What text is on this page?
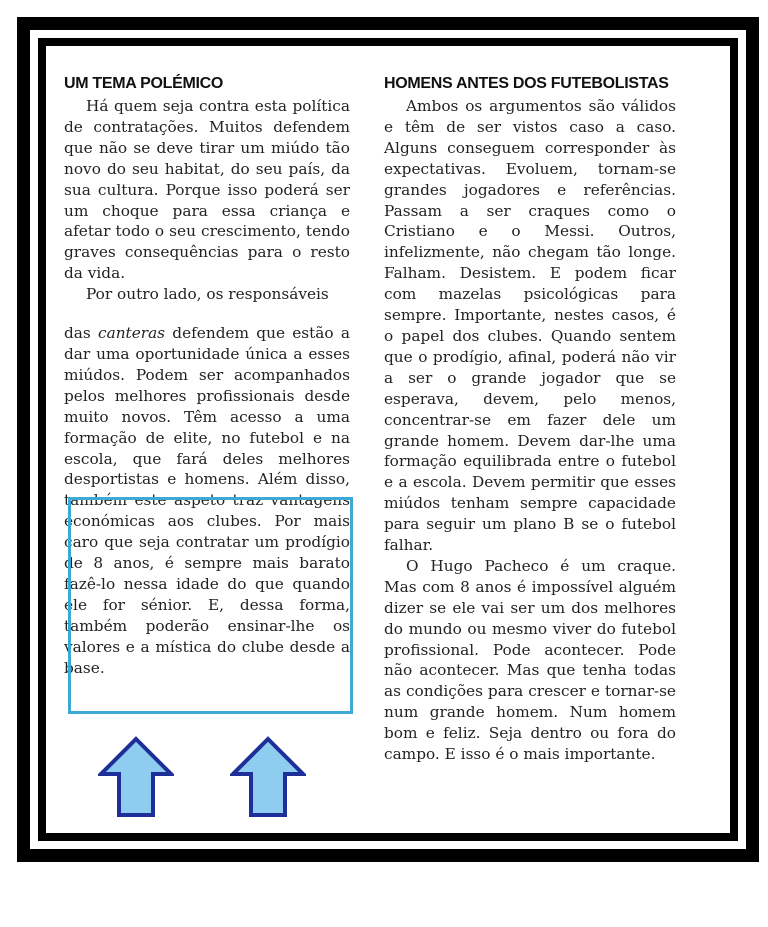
UM TEMA POLÉMICO

Há quem seja contra esta política de contratações. Muitos defendem que não se deve tirar um miúdo tão novo do seu habitat, do seu país, da sua cultura. Porque isso poderá ser um choque para essa criança e afetar todo o seu crescimento, tendo graves consequências para o resto da vida.

Por outro lado, os responsáveis

das canteras defendem que estão a dar uma oportunidade única a esses miúdos. Podem ser acompanhados pelos melhores profissionais desde muito novos. Têm acesso a uma formação de elite, no futebol e na escola, que fará deles melhores desportistas e homens. Além disso, também este aspeto traz vantagens económicas aos clubes. Por mais caro que seja contratar um prodígio de 8 anos, é sempre mais barato fazê-lo nessa idade do que quando ele for sénior. E, dessa forma, também poderão ensinar-lhe os valores e a mística do clube desde a base.

HOMENS ANTES DOS FUTEBOLISTAS

Ambos os argumentos são válidos e têm de ser vistos caso a caso. Alguns conseguem corresponder às expectativas. Evoluem, tornam-se grandes jogadores e referências. Passam a ser craques como o Cristiano e o Messi. Outros, infelizmente, não chegam tão longe. Falham. Desistem. E podem ficar com mazelas psicológicas para sempre. Importante, nestes casos, é o papel dos clubes. Quando sentem que o prodígio, afinal, poderá não vir a ser o grande jogador que se esperava, devem, pelo menos, concentrar-se em fazer dele um grande homem. Devem dar-lhe uma formação equilibrada entre o futebol e a escola. Devem permitir que esses miúdos tenham sempre capacidade para seguir um plano B se o futebol falhar.

O Hugo Pacheco é um craque. Mas com 8 anos é impossível alguém dizer se ele vai ser um dos melhores do mundo ou mesmo viver do futebol profissional. Pode acontecer. Pode não acontecer. Mas que tenha todas as condições para crescer e tornar-se num grande homem. Num homem bom e feliz. Seja dentro ou fora do campo. E isso é o mais importante.
